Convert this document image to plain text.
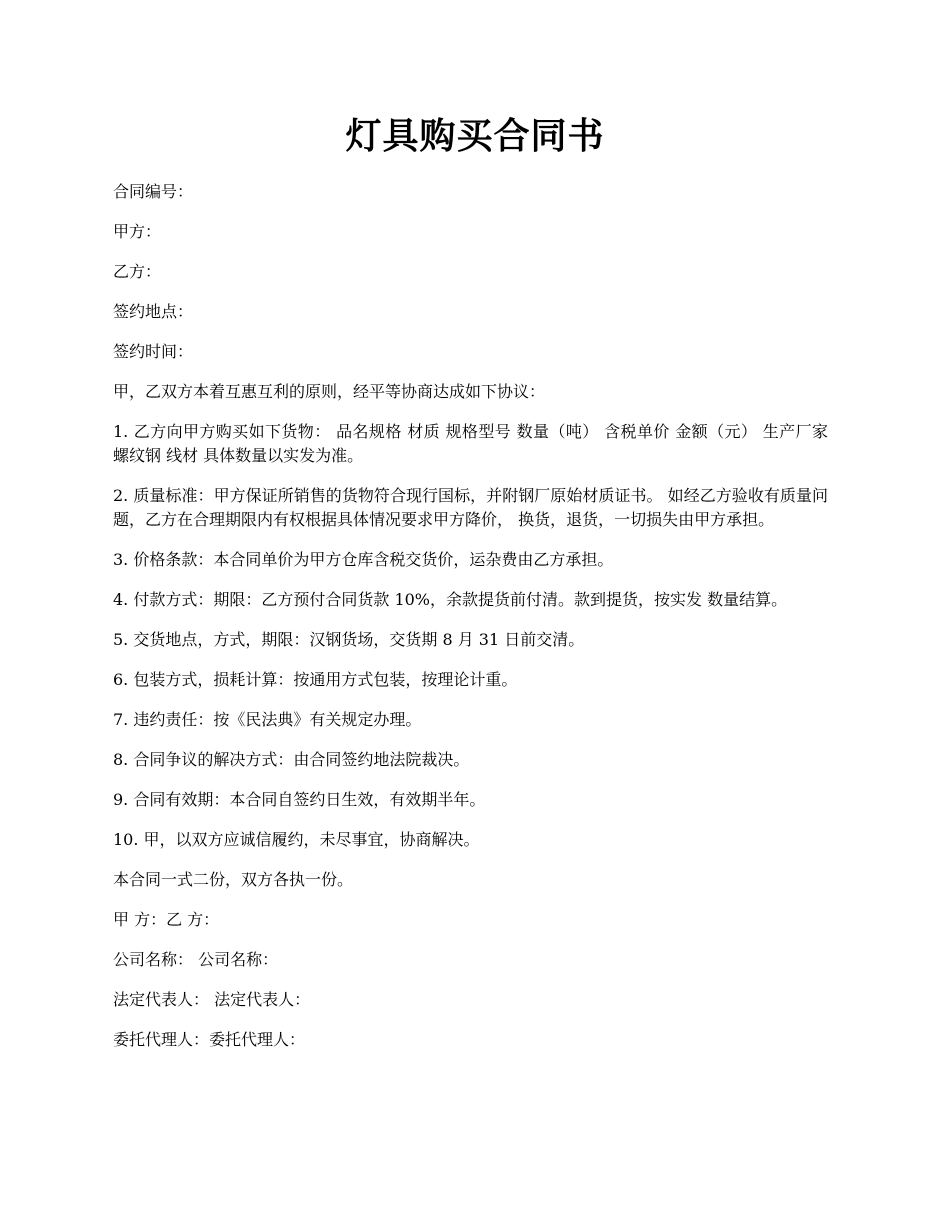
灯具购买合同书

合同编号：

甲方：

乙方：

签约地点：

签约时间：

甲，乙双方本着互惠互利的原则，经平等协商达成如下协议：

1. 乙方向甲方购买如下货物： 品名规格 材质 规格型号 数量（吨） 含税单价 金额（元） 生产厂家 螺纹钢 线材 具体数量以实发为准。

2. 质量标准：甲方保证所销售的货物符合现行国标，并附钢厂原始材质证书。 如经乙方验收有质量问题，乙方在合理期限内有权根据具体情况要求甲方降价， 换货，退货，一切损失由甲方承担。

3. 价格条款：本合同单价为甲方仓库含税交货价，运杂费由乙方承担。

4. 付款方式：期限：乙方预付合同货款 10%，余款提货前付清。款到提货，按实发 数量结算。

5. 交货地点，方式，期限：汉钢货场，交货期 8 月 31 日前交清。

6. 包装方式，损耗计算：按通用方式包装，按理论计重。

7. 违约责任：按《民法典》有关规定办理。

8. 合同争议的解决方式：由合同签约地法院裁决。

9. 合同有效期：本合同自签约日生效，有效期半年。

10. 甲，以双方应诚信履约，未尽事宜，协商解决。

本合同一式二份，双方各执一份。

甲 方：乙 方：

公司名称： 公司名称：

法定代表人： 法定代表人：

委托代理人：委托代理人：
